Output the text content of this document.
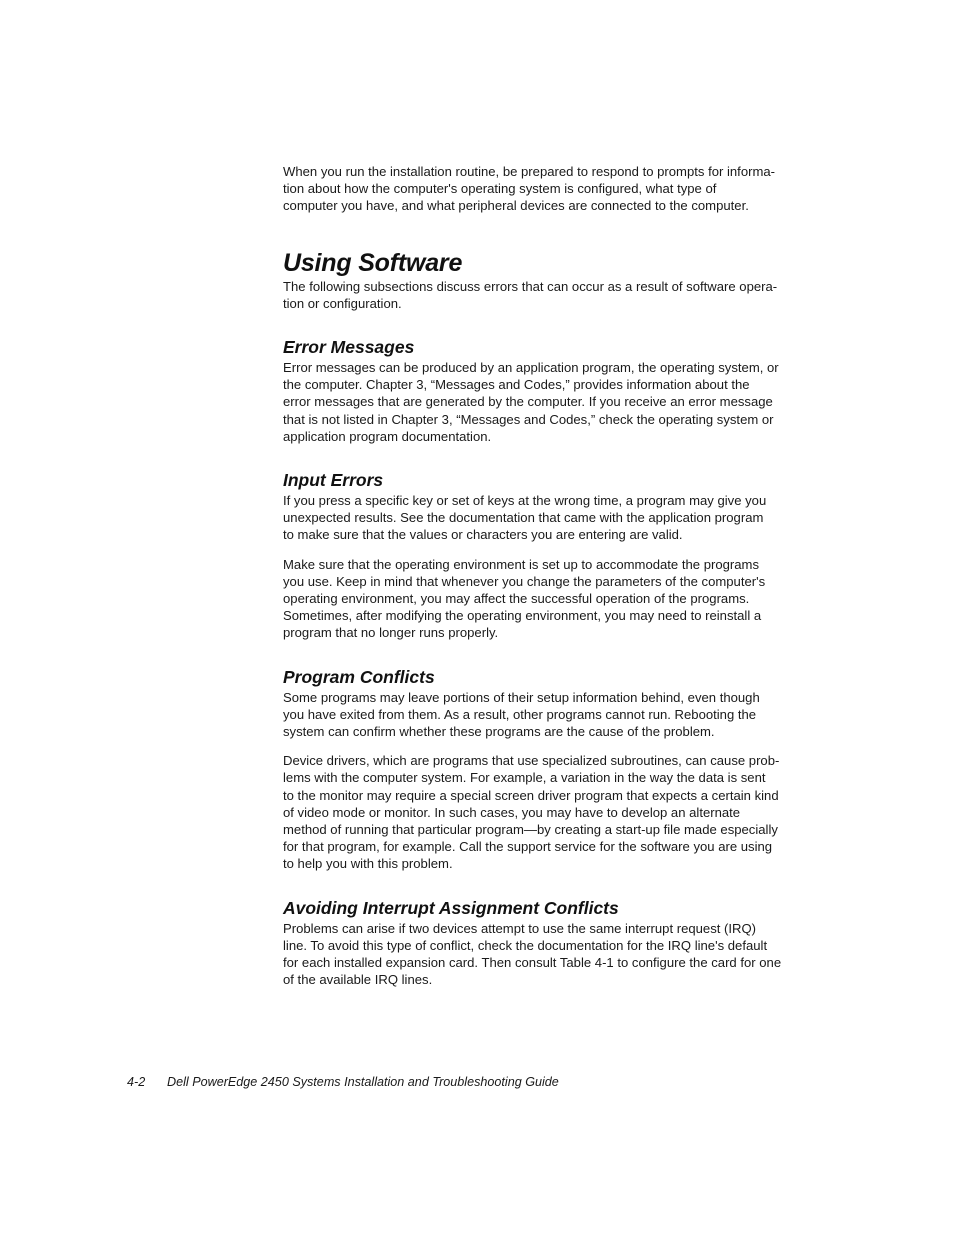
When you run the installation routine, be prepared to respond to prompts for informa-
tion about how the computer's operating system is configured, what type of
computer you have, and what peripheral devices are connected to the computer.

Using Software

The following subsections discuss errors that can occur as a result of software opera-
tion or configuration.

Error Messages

Error messages can be produced by an application program, the operating system, or
the computer. Chapter 3, “Messages and Codes,” provides information about the
error messages that are generated by the computer. If you receive an error message
that is not listed in Chapter 3, “Messages and Codes,” check the operating system or
application program documentation.

Input Errors

If you press a specific key or set of keys at the wrong time, a program may give you
unexpected results. See the documentation that came with the application program
to make sure that the values or characters you are entering are valid.

Make sure that the operating environment is set up to accommodate the programs
you use. Keep in mind that whenever you change the parameters of the computer's
operating environment, you may affect the successful operation of the programs.
Sometimes, after modifying the operating environment, you may need to reinstall a
program that no longer runs properly.

Program Conflicts

Some programs may leave portions of their setup information behind, even though
you have exited from them. As a result, other programs cannot run. Rebooting the
system can confirm whether these programs are the cause of the problem.

Device drivers, which are programs that use specialized subroutines, can cause prob-
lems with the computer system. For example, a variation in the way the data is sent
to the monitor may require a special screen driver program that expects a certain kind
of video mode or monitor. In such cases, you may have to develop an alternate
method of running that particular program—by creating a start-up file made especially
for that program, for example. Call the support service for the software you are using
to help you with this problem.

Avoiding Interrupt Assignment Conflicts

Problems can arise if two devices attempt to use the same interrupt request (IRQ)
line. To avoid this type of conflict, check the documentation for the IRQ line's default
for each installed expansion card. Then consult Table 4-1 to configure the card for one
of the available IRQ lines.

4-2 Dell PowerEdge 2450 Systems Installation and Troubleshooting Guide
